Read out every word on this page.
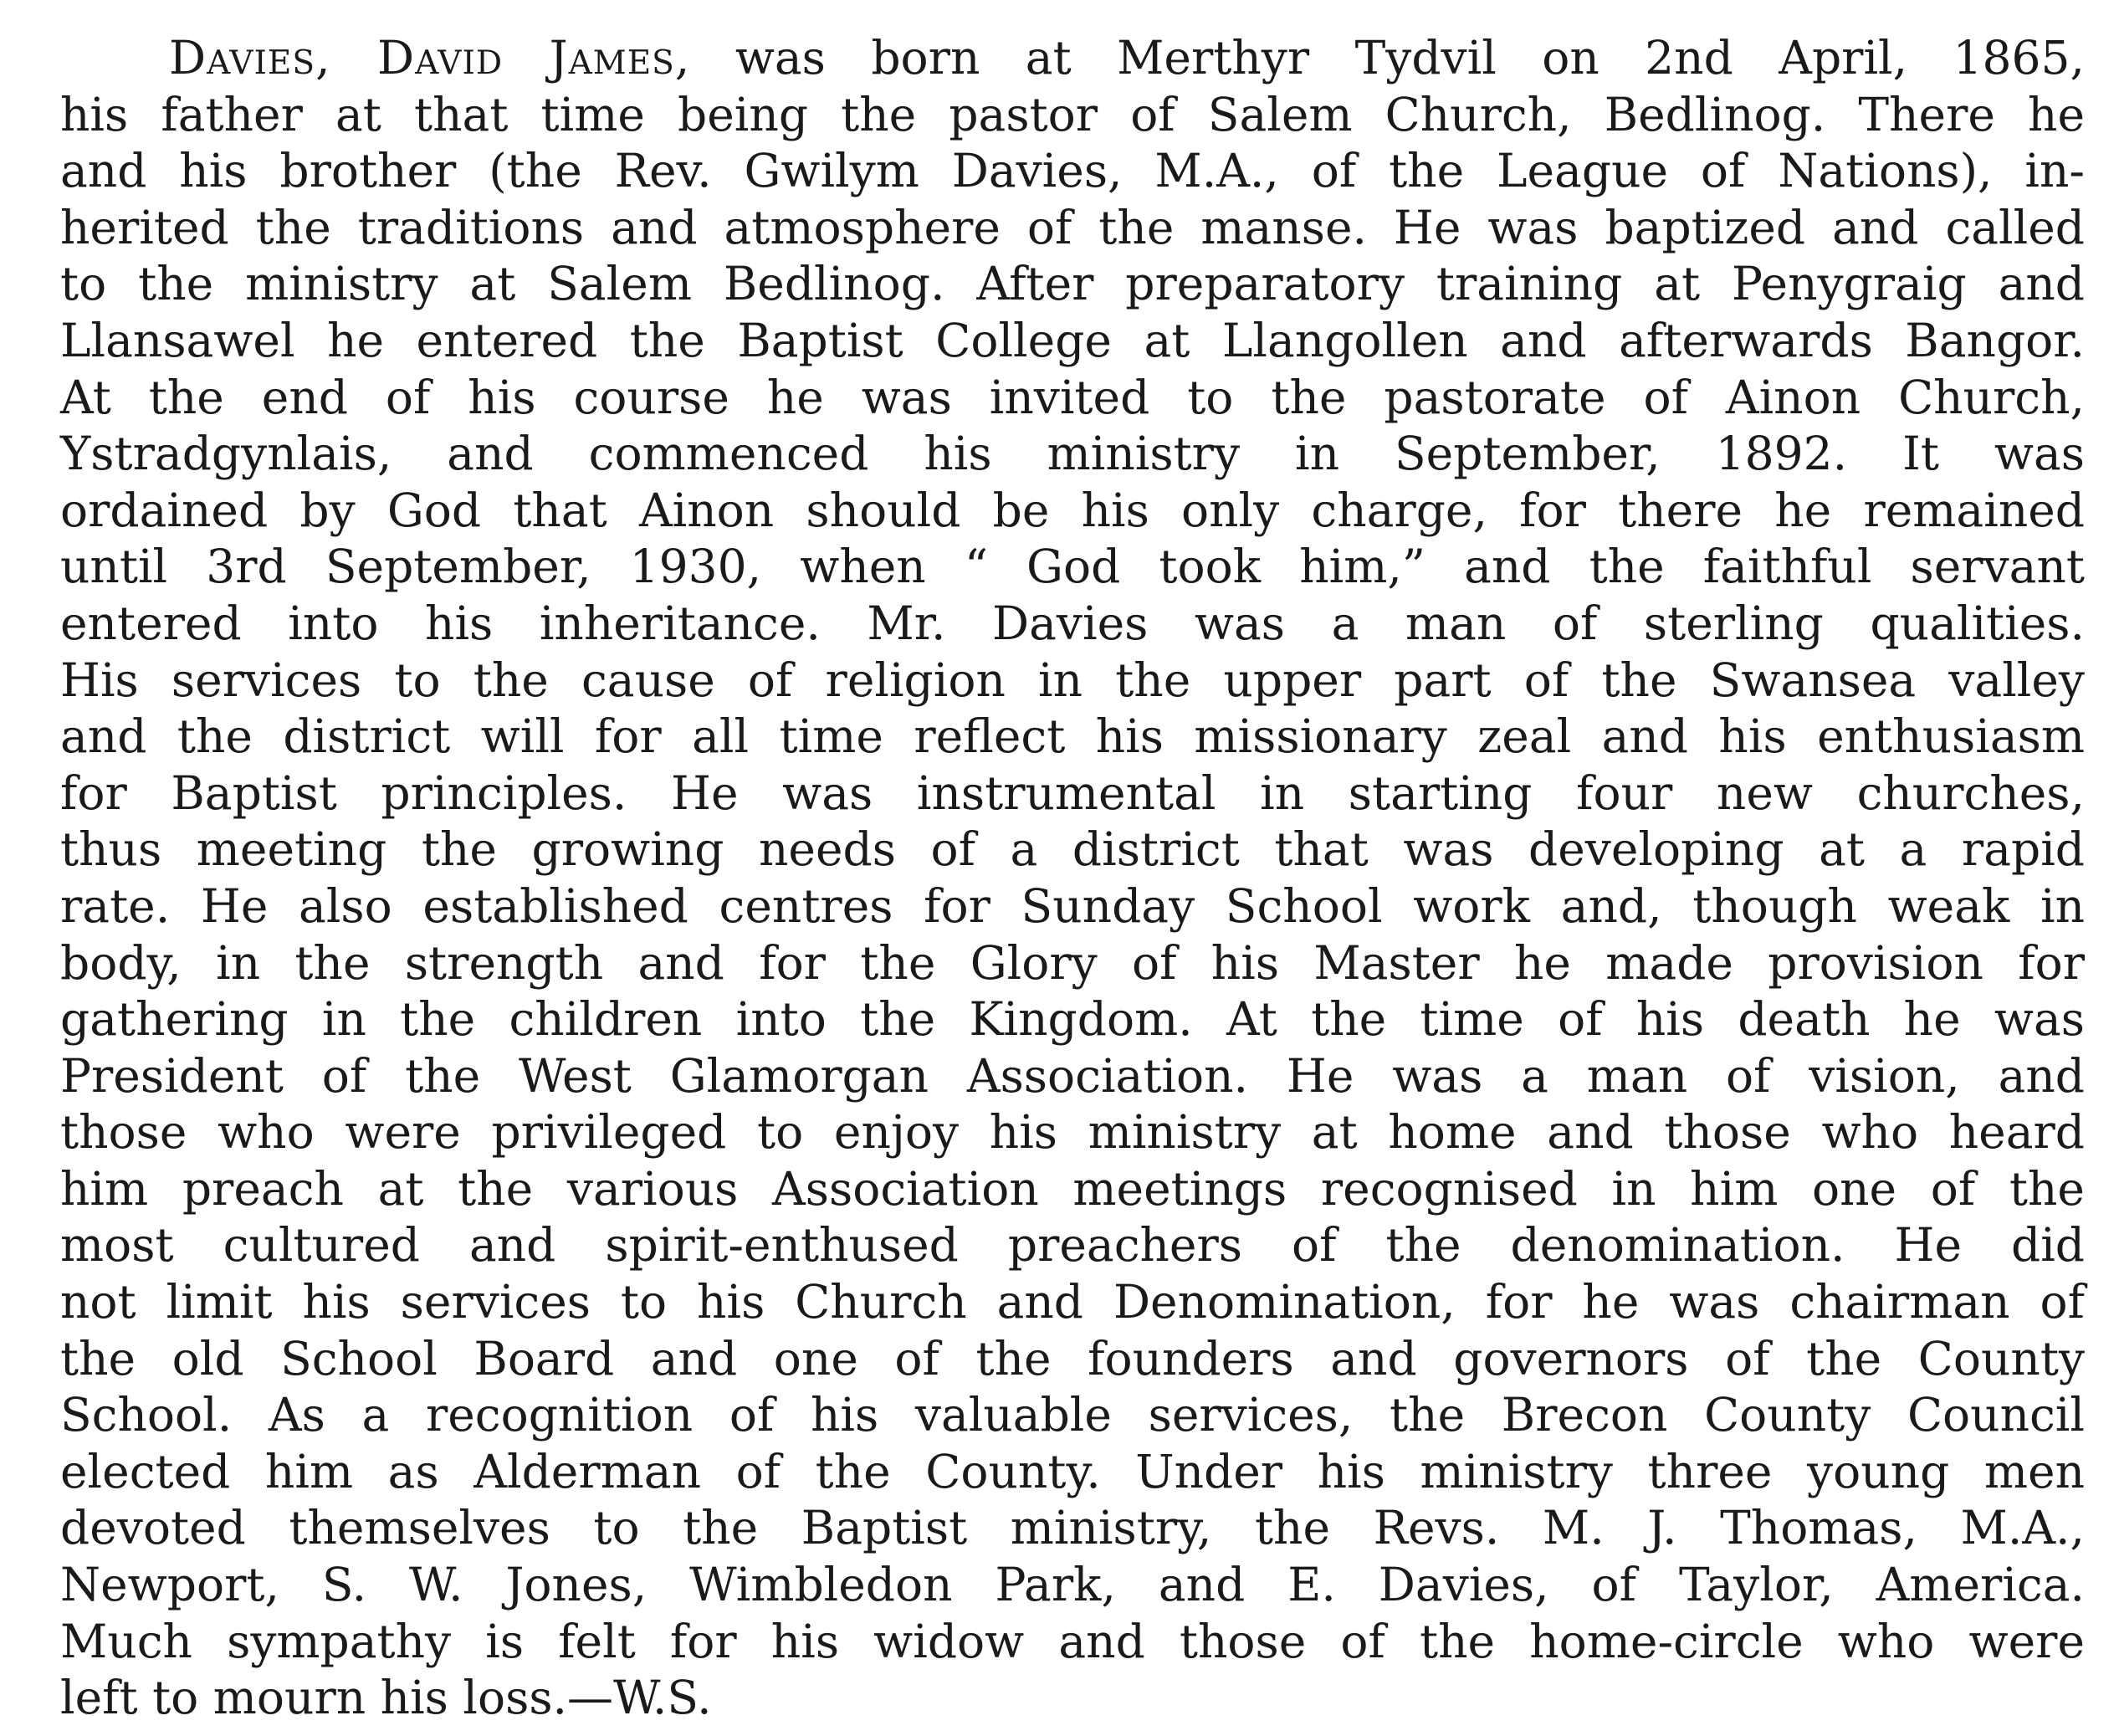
Davies, David James, was born at Merthyr Tydvil on 2nd April, 1865,
his father at that time being the pastor of Salem Church, Bedlinog. There he
and his brother (the Rev. Gwilym Davies, M.A., of the League of Nations), in-
herited the traditions and atmosphere of the manse. He was baptized and called
to the ministry at Salem Bedlinog. After preparatory training at Penygraig and
Llansawel he entered the Baptist College at Llangollen and afterwards Bangor.
At the end of his course he was invited to the pastorate of Ainon Church,
Ystradgynlais, and commenced his ministry in September, 1892. It was
ordained by God that Ainon should be his only charge, for there he remained
until 3rd September, 1930, when “ God took him,” and the faithful servant
entered into his inheritance. Mr. Davies was a man of sterling qualities.
His services to the cause of religion in the upper part of the Swansea valley
and the district will for all time reflect his missionary zeal and his enthusiasm
for Baptist principles. He was instrumental in starting four new churches,
thus meeting the growing needs of a district that was developing at a rapid
rate. He also established centres for Sunday School work and, though weak in
body, in the strength and for the Glory of his Master he made provision for
gathering in the children into the Kingdom. At the time of his death he was
President of the West Glamorgan Association. He was a man of vision, and
those who were privileged to enjoy his ministry at home and those who heard
him preach at the various Association meetings recognised in him one of the
most cultured and spirit-enthused preachers of the denomination. He did
not limit his services to his Church and Denomination, for he was chairman of
the old School Board and one of the founders and governors of the County
School. As a recognition of his valuable services, the Brecon County Council
elected him as Alderman of the County. Under his ministry three young men
devoted themselves to the Baptist ministry, the Revs. M. J. Thomas, M.A.,
Newport, S. W. Jones, Wimbledon Park, and E. Davies, of Taylor, America.
Much sympathy is felt for his widow and those of the home-circle who were
left to mourn his loss.—W.S.
